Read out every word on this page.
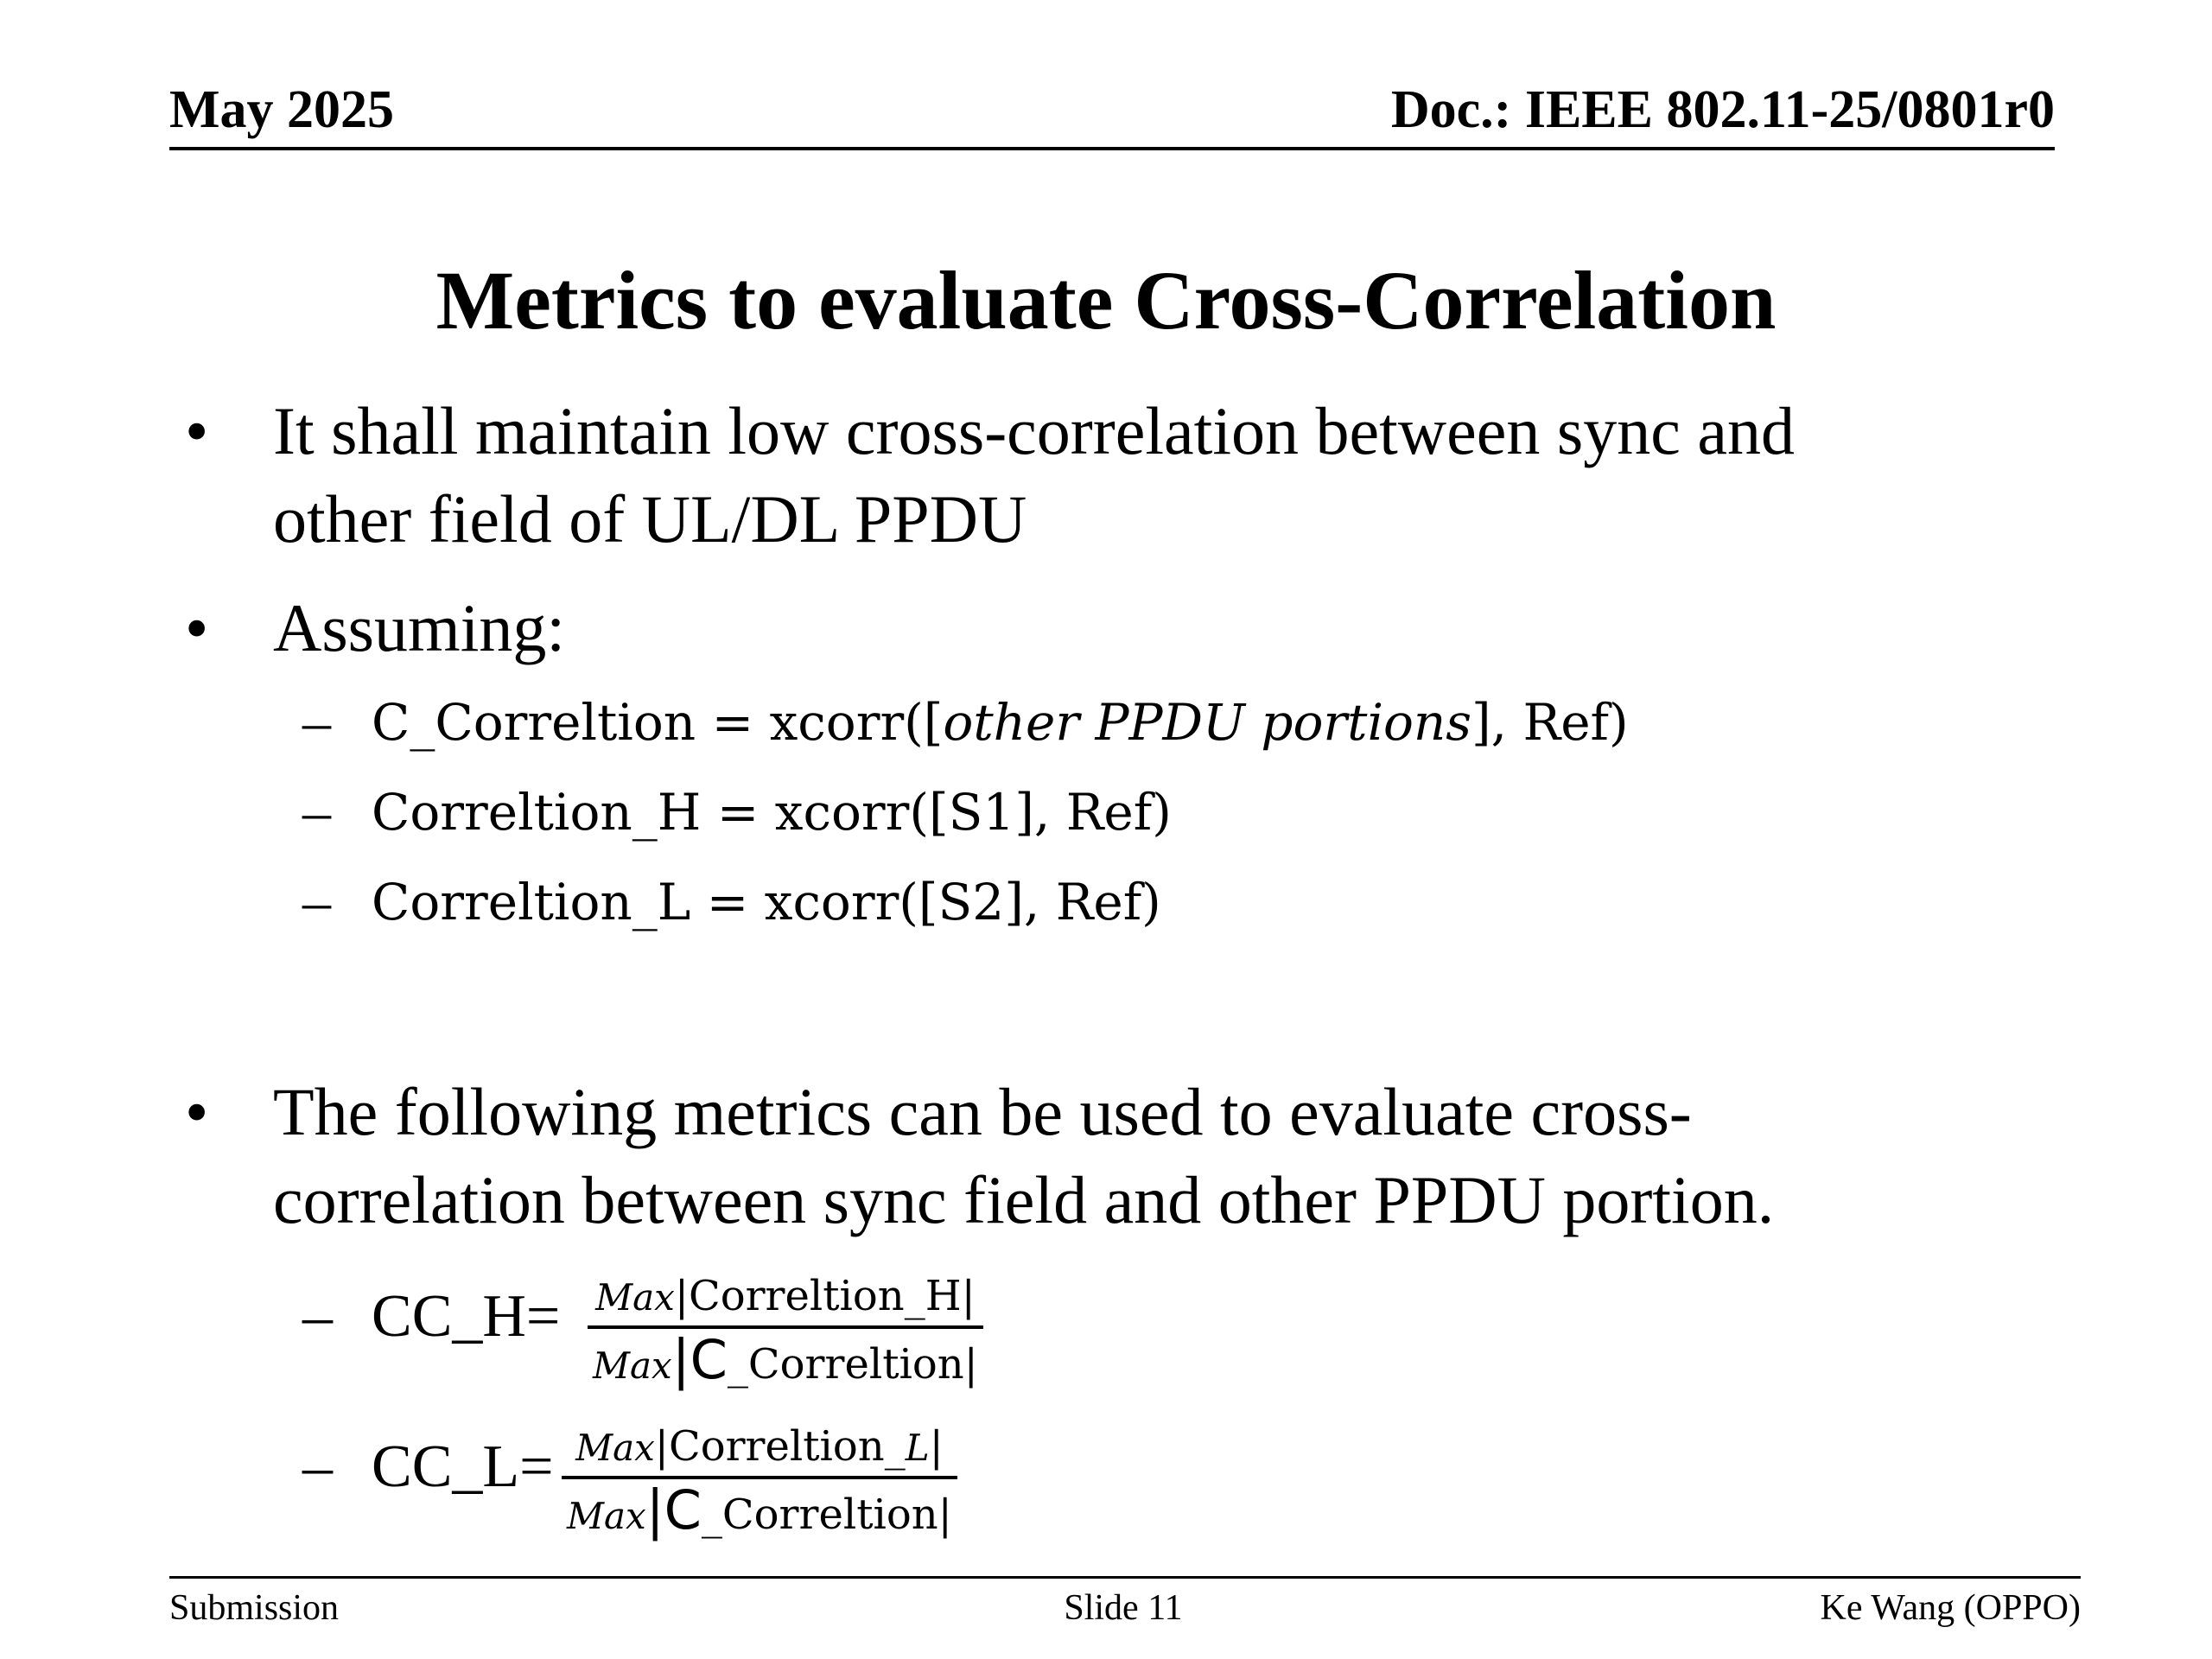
May 2025	Doc.: IEEE 802.11-25/0801r0
Metrics to evaluate Cross-Correlation
• It shall maintain low cross-correlation between sync and
other field of UL/DL PPDU
• Assuming:
– C_Correltion = xcorr([other PPDU portions], Ref)
– Correltion_H = xcorr([S1], Ref)
– Correltion_L = xcorr([S2], Ref)
• The following metrics can be used to evaluate cross-
correlation between sync field and other PPDU portion.
– CC_H= Max|Correltion_H|
Max|C_Correltion|
– CC_L= Max|Correltion_L|
Max|C_Correltion|
Submission	Slide 11	Ke Wang (OPPO)
